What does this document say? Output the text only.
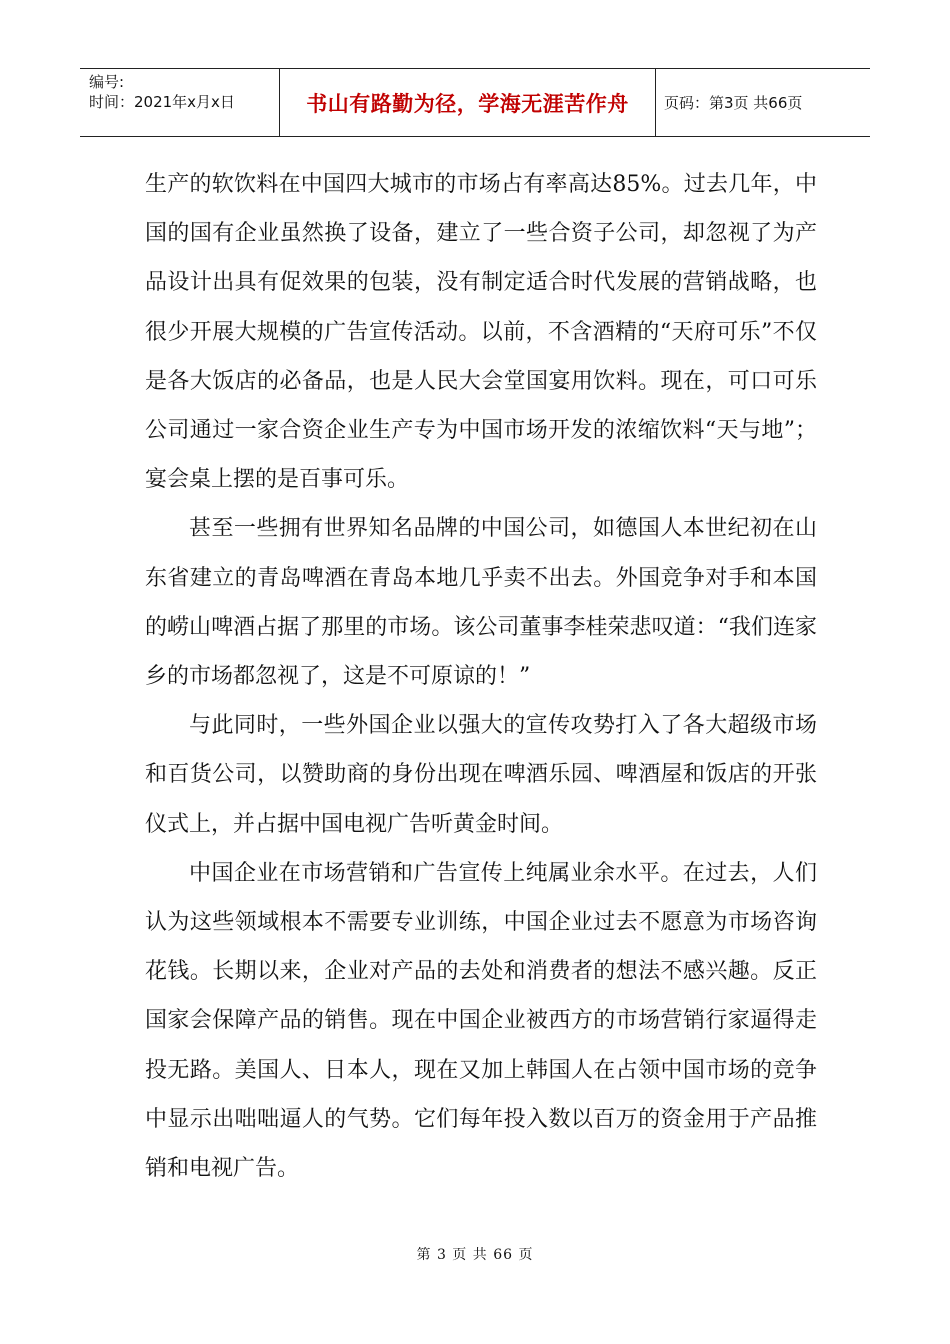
编号:
时间：2021年x月x日	书山有路勤为径，学海无涯苦作舟 页码：第3页 共66页

生产的软饮料在中国四大城市的市场占有率高达85%。过去几年，中国的国有企业虽然换了设备，建立了一些合资子公司，却忽视了为产品设计出具有促效果的包装，没有制定适合时代发展的营销战略，也很少开展大规模的广告宣传活动。以前，不含酒精的“天府可乐”不仅是各大饭店的必备品，也是人民大会堂国宴用饮料。现在，可口可乐公司通过一家合资企业生产专为中国市场开发的浓缩饮料“天与地”；宴会桌上摆的是百事可乐。

甚至一些拥有世界知名品牌的中国公司，如德国人本世纪初在山东省建立的青岛啤酒在青岛本地几乎卖不出去。外国竞争对手和本国的崂山啤酒占据了那里的市场。该公司董事李桂荣悲叹道：“我们连家乡的市场都忽视了，这是不可原谅的！”

与此同时，一些外国企业以强大的宣传攻势打入了各大超级市场和百货公司，以赞助商的身份出现在啤酒乐园、啤酒屋和饭店的开张仪式上，并占据中国电视广告听黄金时间。

中国企业在市场营销和广告宣传上纯属业余水平。在过去，人们认为这些领域根本不需要专业训练，中国企业过去不愿意为市场咨询花钱。长期以来，企业对产品的去处和消费者的想法不感兴趣。反正国家会保障产品的销售。现在中国企业被西方的市场营销行家逼得走投无路。美国人、日本人，现在又加上韩国人在占领中国市场的竞争中显示出咄咄逼人的气势。它们每年投入数以百万的资金用于产品推销和电视广告。

第 3 页 共 66 页
